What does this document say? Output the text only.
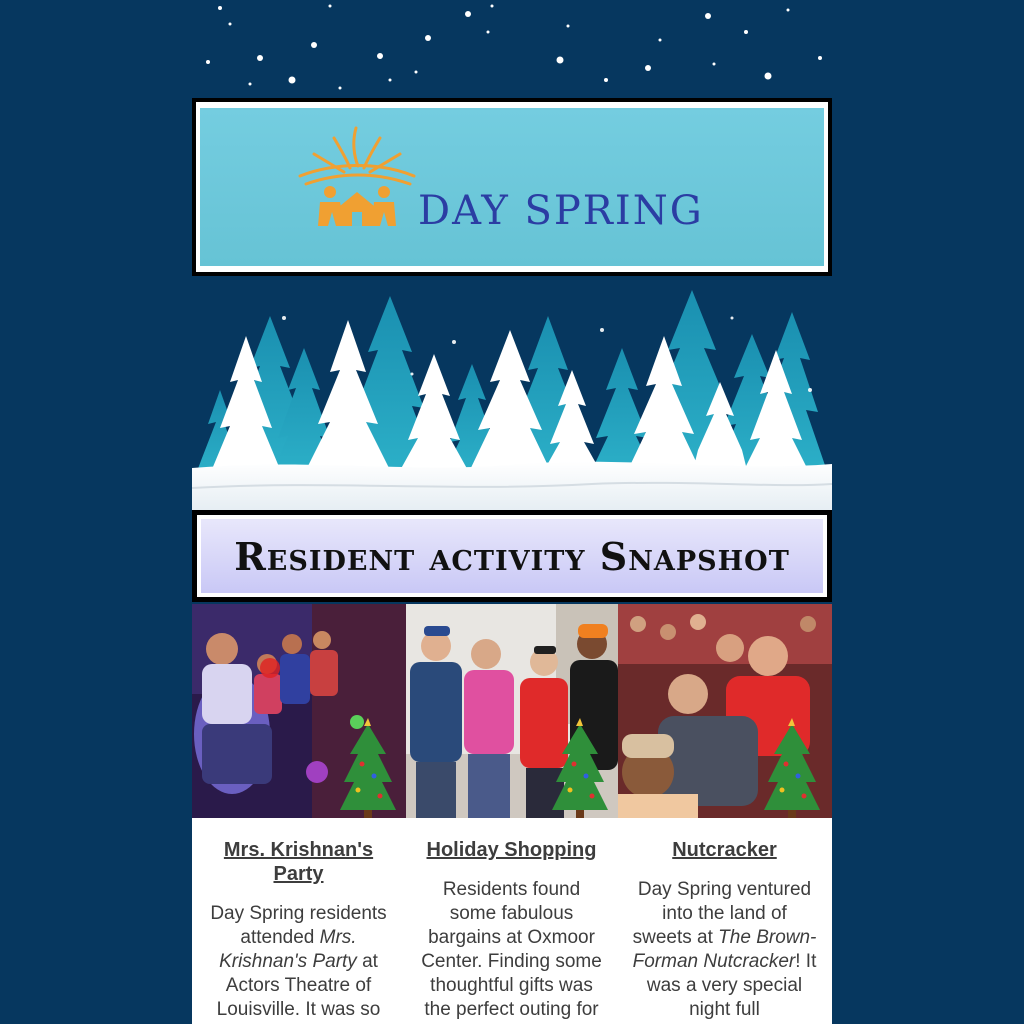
DAY SPRING
Resident activity Snapshot

Mrs. Krishnan's Party

Day Spring residents attended Mrs. Krishnan's Party at Actors Theatre of Louisville. It was so

Holiday Shopping

Residents found some fabulous bargains at Oxmoor Center. Finding some thoughtful gifts was the perfect outing for

Nutcracker

Day Spring ventured into the land of sweets at The Brown-Forman Nutcracker! It was a very special night full
